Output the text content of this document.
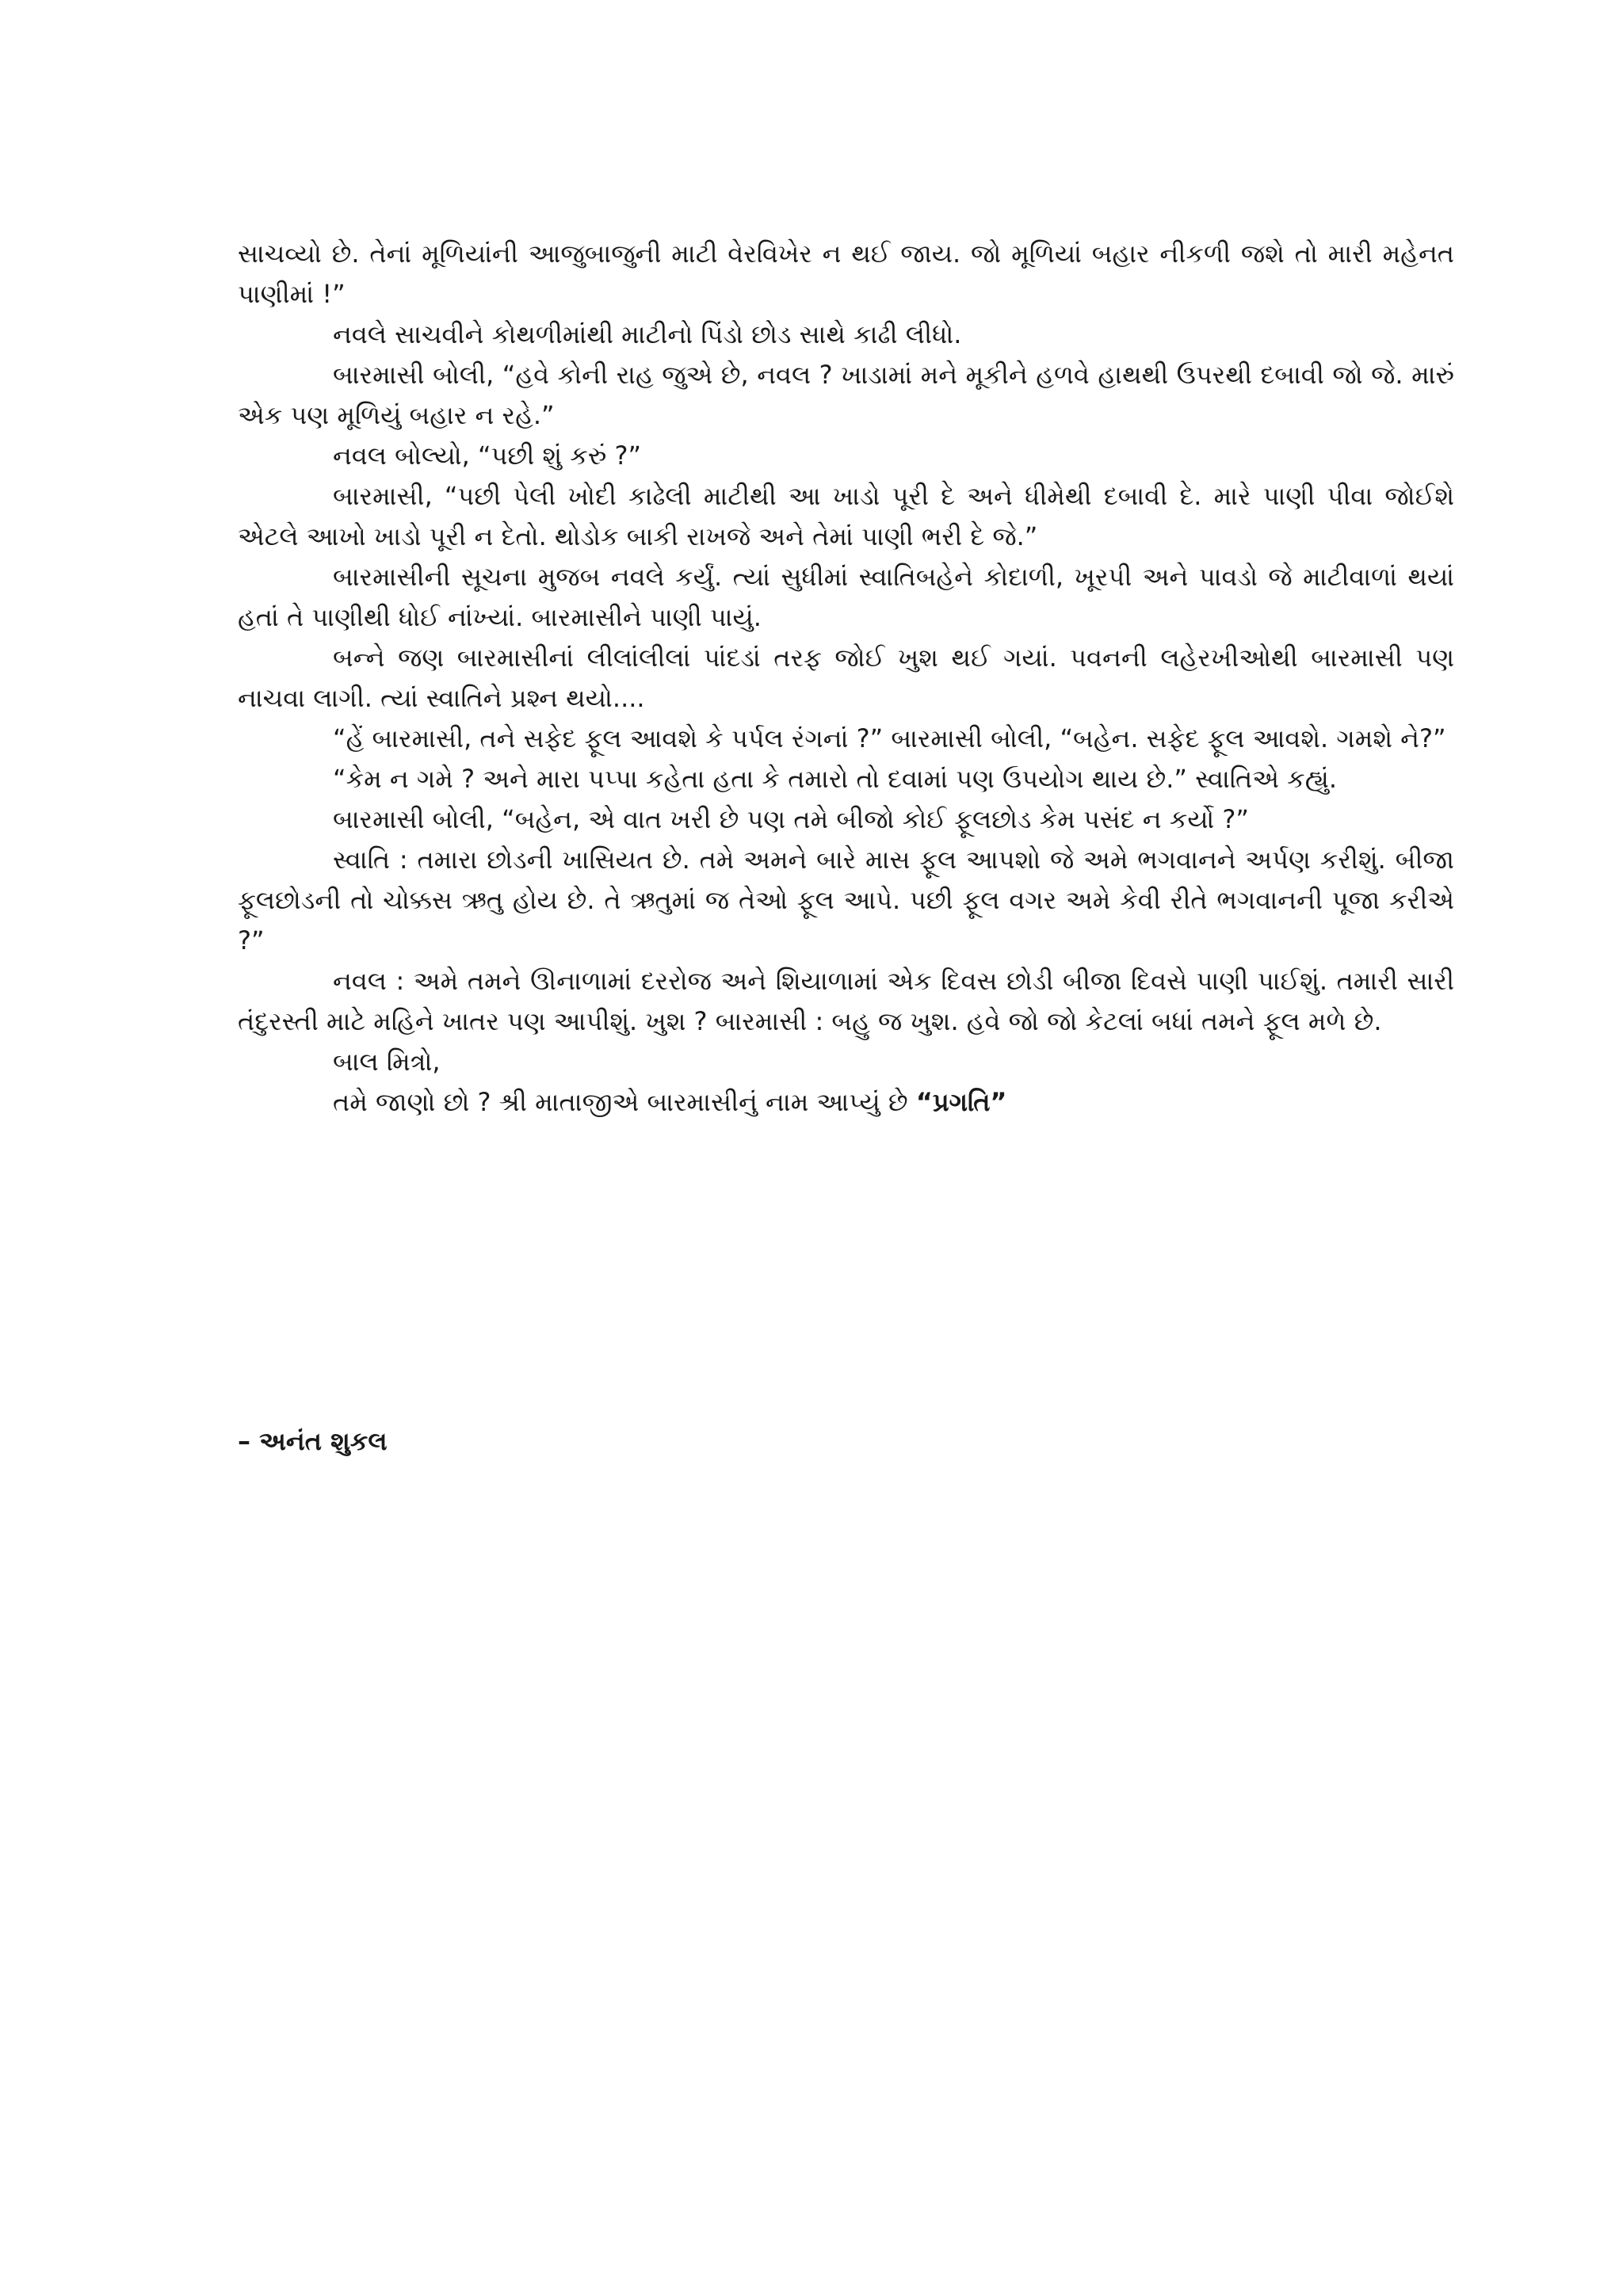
સાચવ્યો છે. તેનાં મૂળિયાંની આજુબાજુની માટી વેરવિખેર ન થઈ જાય. જો મૂળિયાં બહાર નીકળી જશે તો મારી મહેનત પાણીમાં !”

નવલે સાચવીને કોથળીમાંથી માટીનો પિંડો છોડ સાથે કાઢી લીધો.

બારમાસી બોલી, “હવે કોની રાહ જુએ છે, નવલ ? ખાડામાં મને મૂકીને હળવે હાથથી ઉપરથી દબાવી જો જે. મારું એક પણ મૂળિયું બહાર ન રહે.”

નવલ બોલ્યો, “પછી શું કરું ?”

બારમાસી, “પછી પેલી ખોદી કાઢેલી માટીથી આ ખાડો પૂરી દે અને ધીમેથી દબાવી દે. મારે પાણી પીવા જોઈશે એટલે આખો ખાડો પૂરી ન દેતો. થોડોક બાકી રાખજે અને તેમાં પાણી ભરી દે જે.”

બારમાસીની સૂચના મુજબ નવલે કર્યું. ત્યાં સુધીમાં સ્વાતિબહેને કોદાળી, ખૂરપી અને પાવડો જે માટીવાળાં થયાં હતાં તે પાણીથી ધોઈ નાંખ્યાં. બારમાસીને પાણી પાયું.

બન્ને જણ બારમાસીનાં લીલાંલીલાં પાંદડાં તરફ જોઈ ખુશ થઈ ગયાં. પવનની લહેરખીઓથી બારમાસી પણ નાચવા લાગી. ત્યાં સ્વાતિને પ્રશ્ન થયો....

“હેં બારમાસી, તને સફેદ ફૂલ આવશે કે પર્પલ રંગનાં ?” બારમાસી બોલી, “બહેન. સફેદ ફૂલ આવશે. ગમશે ને?”

“કેમ ન ગમે ? અને મારા પપ્પા કહેતા હતા કે તમારો તો દવામાં પણ ઉપયોગ થાય છે.” સ્વાતિએ કહ્યું.

બારમાસી બોલી, “બહેન, એ વાત ખરી છે પણ તમે બીજો કોઈ ફૂલછોડ કેમ પસંદ ન કર્યો ?”

સ્વાતિ : તમારા છોડની ખાસિયત છે. તમે અમને બારે માસ ફૂલ આપશો જે અમે ભગવાનને અર્પણ કરીશું. બીજા ફૂલછોડની તો ચોક્કસ ઋતુ હોય છે. તે ઋતુમાં જ તેઓ ફૂલ આપે. પછી ફૂલ વગર અમે કેવી રીતે ભગવાનની પૂજા કરીએ ?”

નવલ : અમે તમને ઊનાળામાં દરરોજ અને શિયાળામાં એક દિવસ છોડી બીજા દિવસે પાણી પાઈશું. તમારી સારી તંદુરસ્તી માટે મહિને ખાતર પણ આપીશું. ખુશ ? બારમાસી : બહુ જ ખુશ. હવે જો જો કેટલાં બધાં તમને ફૂલ મળે છે.

બાલ મિત્રો,

તમે જાણો છો ? શ્રી માતાજીએ બારમાસીનું નામ આપ્યું છે “પ્રગતિ”

– અનંત શુકલ
